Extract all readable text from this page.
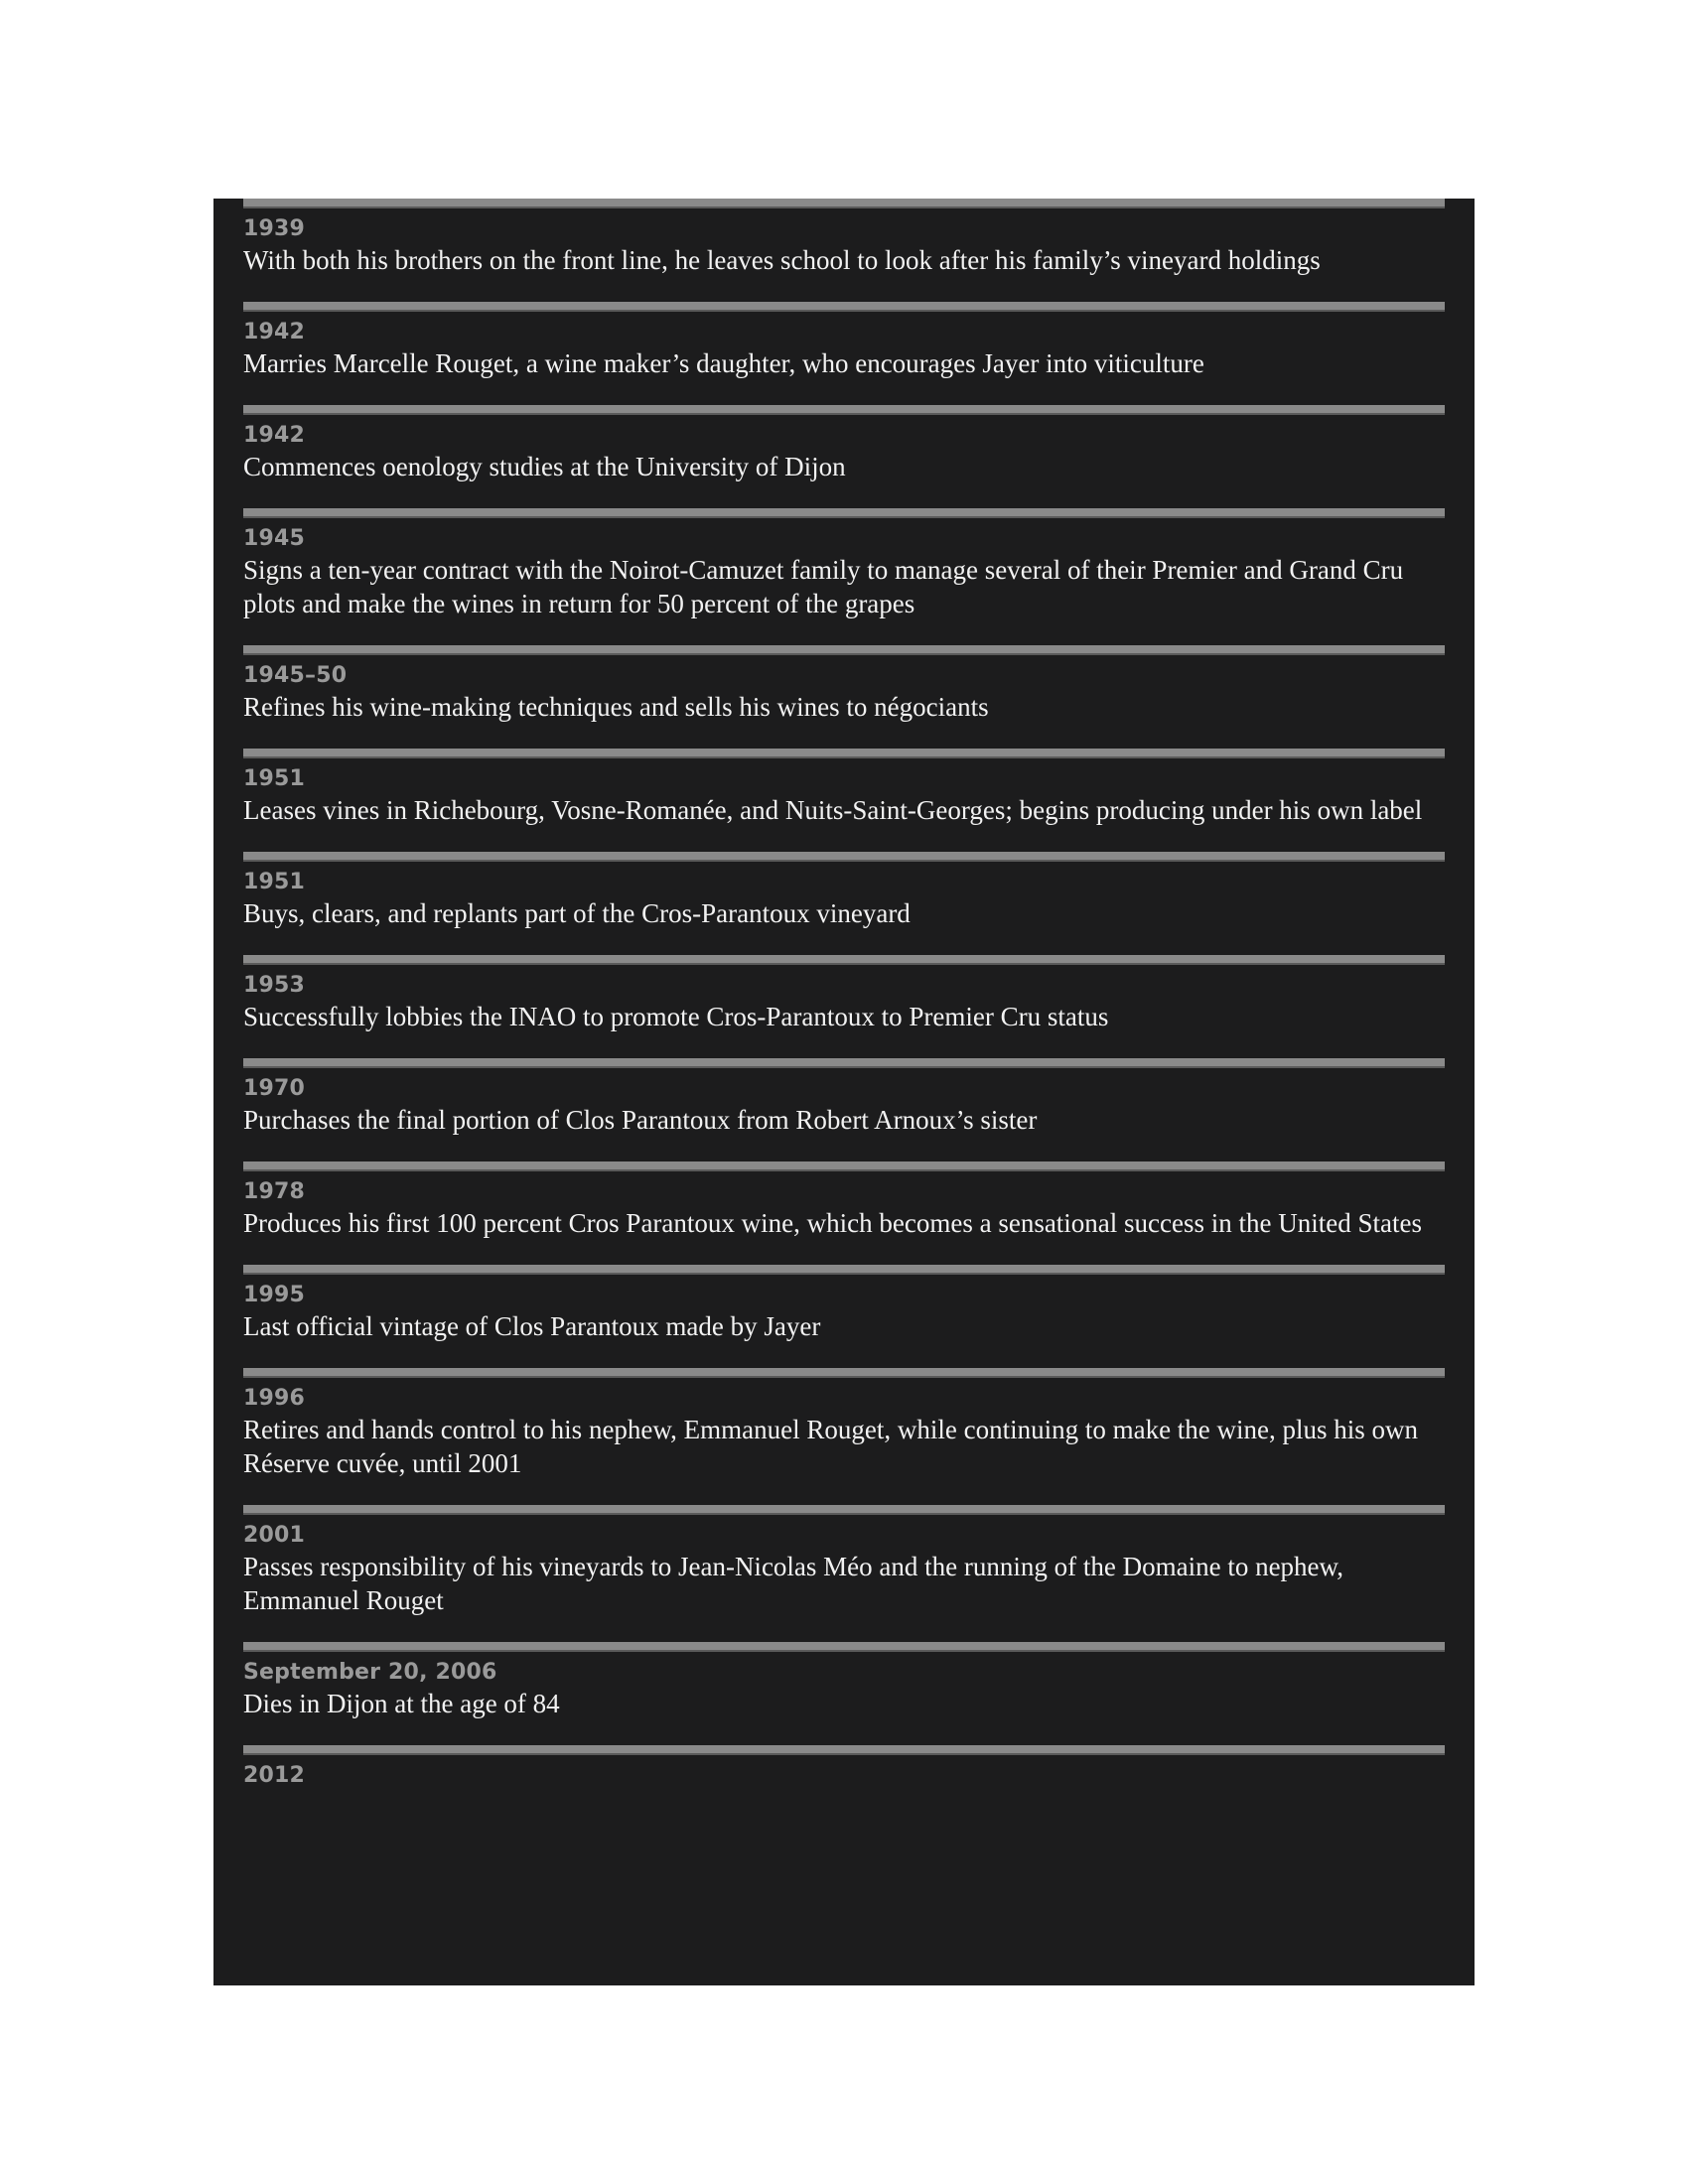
1939
With both his brothers on the front line, he leaves school to look after his family’s vineyard holdings
1942
Marries Marcelle Rouget, a wine maker’s daughter, who encourages Jayer into viticulture
1942
Commences oenology studies at the University of Dijon
1945
Signs a ten-year contract with the Noirot-Camuzet family to manage several of their Premier and Grand Cru plots and make the wines in return for 50 percent of the grapes
1945–50
Refines his wine-making techniques and sells his wines to négociants
1951
Leases vines in Richebourg, Vosne-Romanée, and Nuits-Saint-Georges; begins producing under his own label
1951
Buys, clears, and replants part of the Cros-Parantoux vineyard
1953
Successfully lobbies the INAO to promote Cros-Parantoux to Premier Cru status
1970
Purchases the final portion of Clos Parantoux from Robert Arnoux’s sister
1978
Produces his first 100 percent Cros Parantoux wine, which becomes a sensational success in the United States
1995
Last official vintage of Clos Parantoux made by Jayer
1996
Retires and hands control to his nephew, Emmanuel Rouget, while continuing to make the wine, plus his own Réserve cuvée, until 2001
2001
Passes responsibility of his vineyards to Jean-Nicolas Méo and the running of the Domaine to nephew, Emmanuel Rouget
September 20, 2006
Dies in Dijon at the age of 84
2012
